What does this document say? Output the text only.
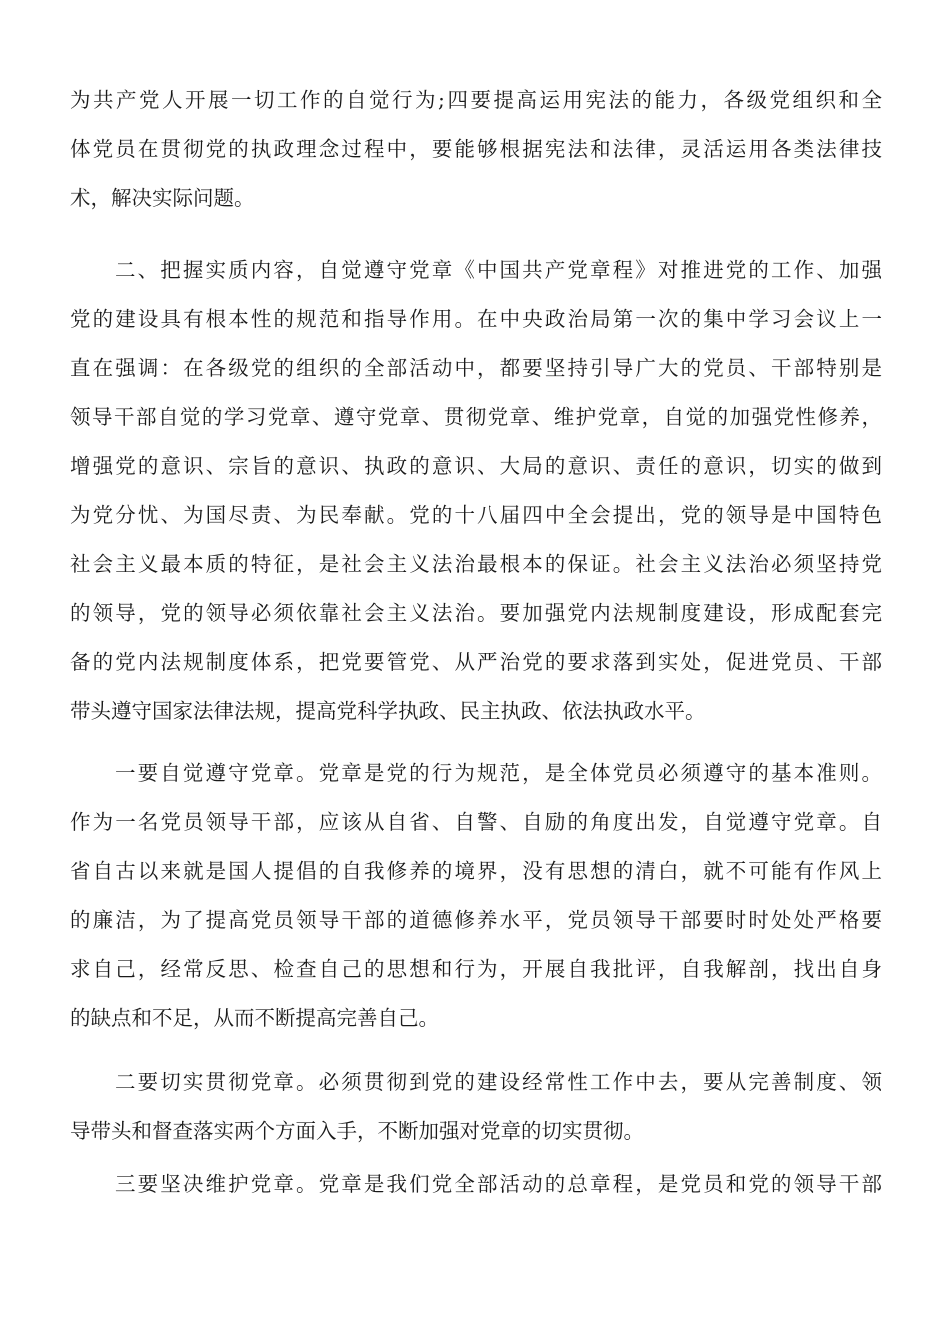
为共产党人开展一切工作的自觉行为;四要提高运用宪法的能力，各级党组织和全
体党员在贯彻党的执政理念过程中，要能够根据宪法和法律，灵活运用各类法律技
术，解决实际问题。
二、把握实质内容，自觉遵守党章《中国共产党章程》对推进党的工作、加强
党的建设具有根本性的规范和指导作用。在中央政治局第一次的集中学习会议上一
直在强调：在各级党的组织的全部活动中，都要坚持引导广大的党员、干部特别是
领导干部自觉的学习党章、遵守党章、贯彻党章、维护党章，自觉的加强党性修养，
增强党的意识、宗旨的意识、执政的意识、大局的意识、责任的意识，切实的做到
为党分忧、为国尽责、为民奉献。党的十八届四中全会提出，党的领导是中国特色
社会主义最本质的特征，是社会主义法治最根本的保证。社会主义法治必须坚持党
的领导，党的领导必须依靠社会主义法治。要加强党内法规制度建设，形成配套完
备的党内法规制度体系，把党要管党、从严治党的要求落到实处，促进党员、干部
带头遵守国家法律法规，提高党科学执政、民主执政、依法执政水平。
一要自觉遵守党章。党章是党的行为规范，是全体党员必须遵守的基本准则。
作为一名党员领导干部，应该从自省、自警、自励的角度出发，自觉遵守党章。自
省自古以来就是国人提倡的自我修养的境界，没有思想的清白，就不可能有作风上
的廉洁，为了提高党员领导干部的道德修养水平，党员领导干部要时时处处严格要
求自己，经常反思、检查自己的思想和行为，开展自我批评，自我解剖，找出自身
的缺点和不足，从而不断提高完善自己。
二要切实贯彻党章。必须贯彻到党的建设经常性工作中去，要从完善制度、领
导带头和督查落实两个方面入手，不断加强对党章的切实贯彻。
三要坚决维护党章。党章是我们党全部活动的总章程，是党员和党的领导干部
